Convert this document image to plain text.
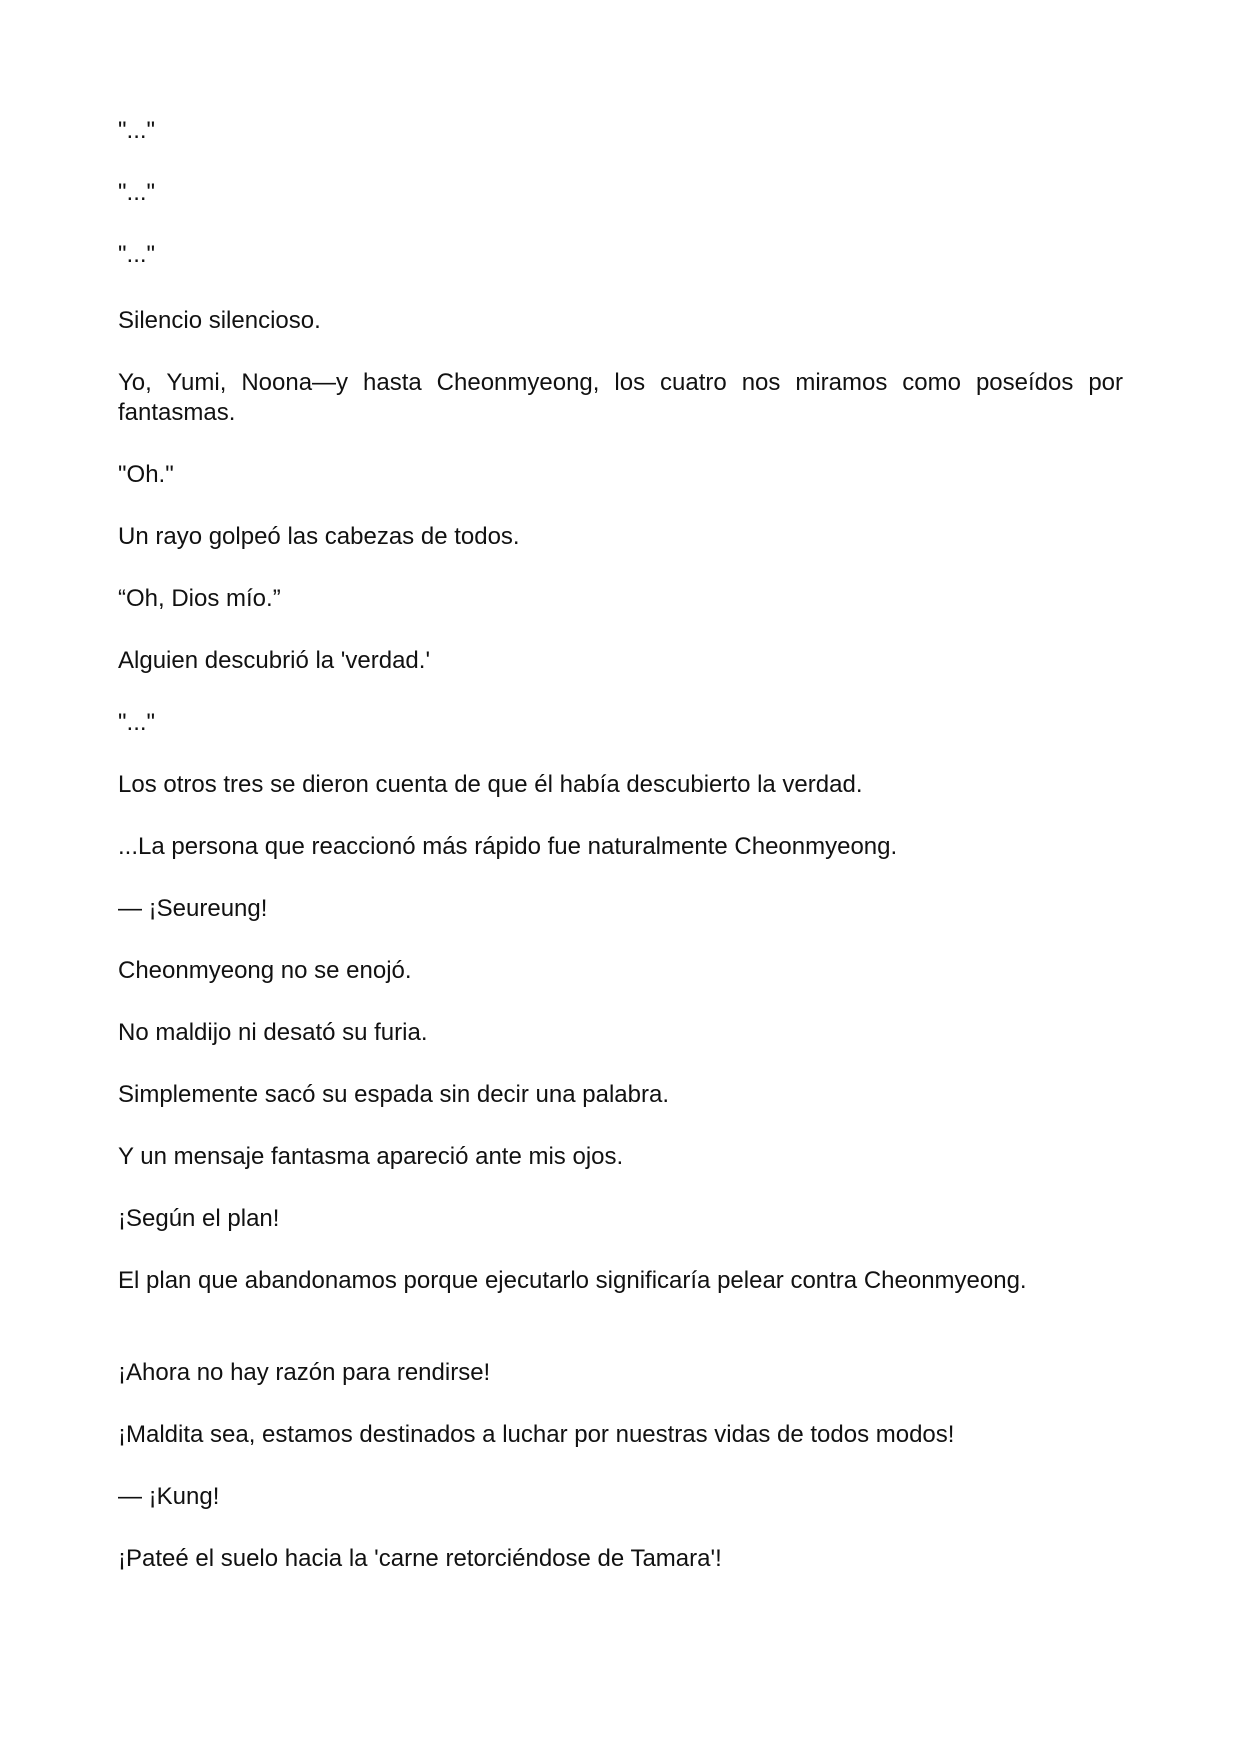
"..."

"..."

"..."

Silencio silencioso.

Yo, Yumi, Noona—y hasta Cheonmyeong, los cuatro nos miramos como poseídos por fantasmas.

"Oh."

Un rayo golpeó las cabezas de todos.

“Oh, Dios mío.”

Alguien descubrió la 'verdad.'

"..."

Los otros tres se dieron cuenta de que él había descubierto la verdad.

...La persona que reaccionó más rápido fue naturalmente Cheonmyeong.

— ¡Seureung!

Cheonmyeong no se enojó.

No maldijo ni desató su furia.

Simplemente sacó su espada sin decir una palabra.

Y un mensaje fantasma apareció ante mis ojos.

¡Según el plan!

El plan que abandonamos porque ejecutarlo significaría pelear contra Cheonmyeong.

¡Ahora no hay razón para rendirse!

¡Maldita sea, estamos destinados a luchar por nuestras vidas de todos modos!

— ¡Kung!

¡Pateé el suelo hacia la 'carne retorciéndose de Tamara'!
